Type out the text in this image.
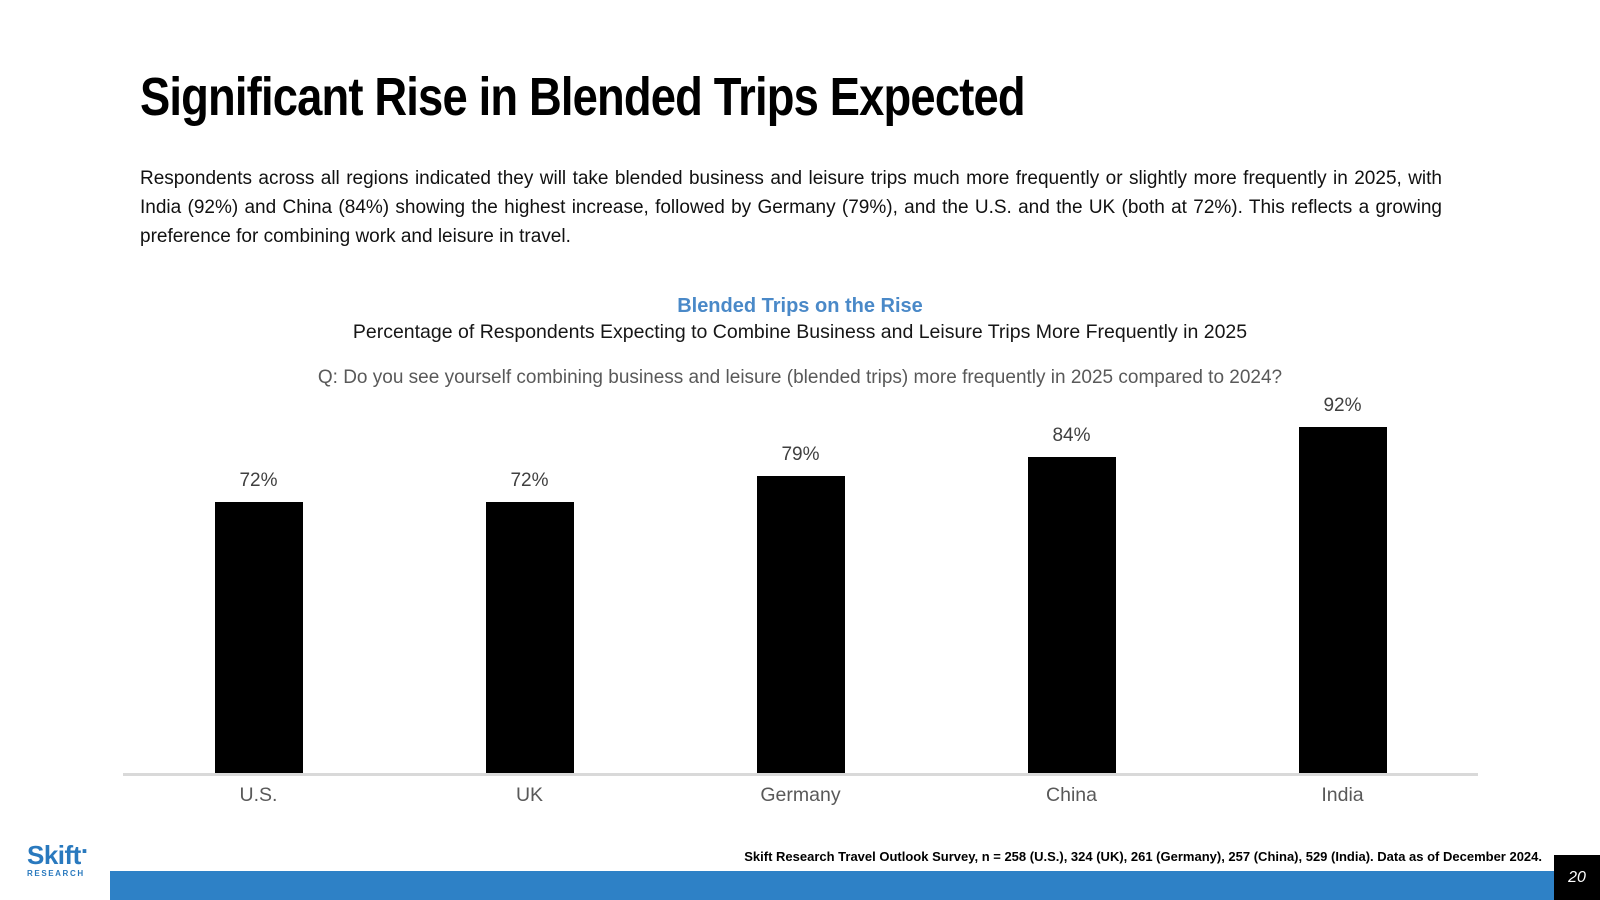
Significant Rise in Blended Trips Expected

Respondents across all regions indicated they will take blended business and leisure trips much more frequently or slightly more frequently in 2025, with India (92%) and China (84%) showing the highest increase, followed by Germany (79%), and the U.S. and the UK (both at 72%). This reflects a growing preference for combining work and leisure in travel.

Blended Trips on the Rise
Percentage of Respondents Expecting to Combine Business and Leisure Trips More Frequently in 2025
Q: Do you see yourself combining business and leisure (blended trips) more frequently in 2025 compared to 2024?
72%	72%
79%
84%
92%
U.S.	UK	Germany	China	India
Skift Research Travel Outlook Survey, n = 258 (U.S.), 324 (UK), 261 (Germany), 257 (China), 529 (India). Data as of December 2024.
Skift.
RESEARCH	20
